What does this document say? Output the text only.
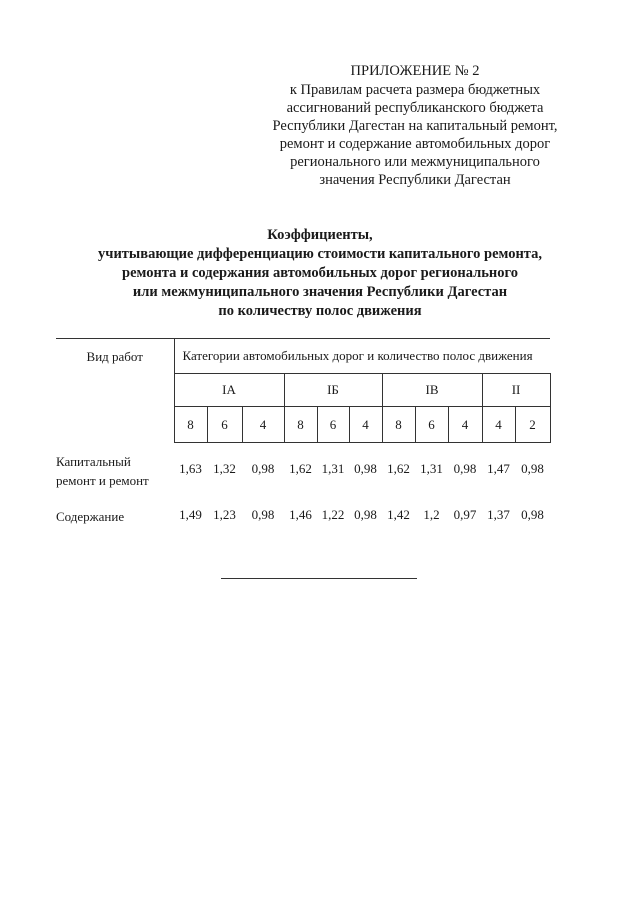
ПРИЛОЖЕНИЕ № 2
к Правилам расчета размера бюджетных
ассигнований республиканского бюджета
Республики Дагестан на капитальный ремонт,
ремонт и содержание автомобильных дорог
регионального или межмуниципального
значения Республики Дагестан
Коэффициенты,
учитывающие дифференциацию стоимости капитального ремонта,
ремонта и содержания автомобильных дорог регионального
или межмуниципального значения Республики Дагестан
по количеству полос движения
Вид работ	Категории автомобильных дорог и количество полос движения										
	IА			IБ			IВ			II	
	8	6	4	8	6	4	8	6	4	4	2

Капитальный
ремонт и ремонт	1,63	1,32	0,98	1,62	1,31	0,98	1,62	1,31	0,98	1,47	0,98

Содержание	1,49	1,23	0,98	1,46	1,22	0,98	1,42	1,2	0,97	1,37	0,98
